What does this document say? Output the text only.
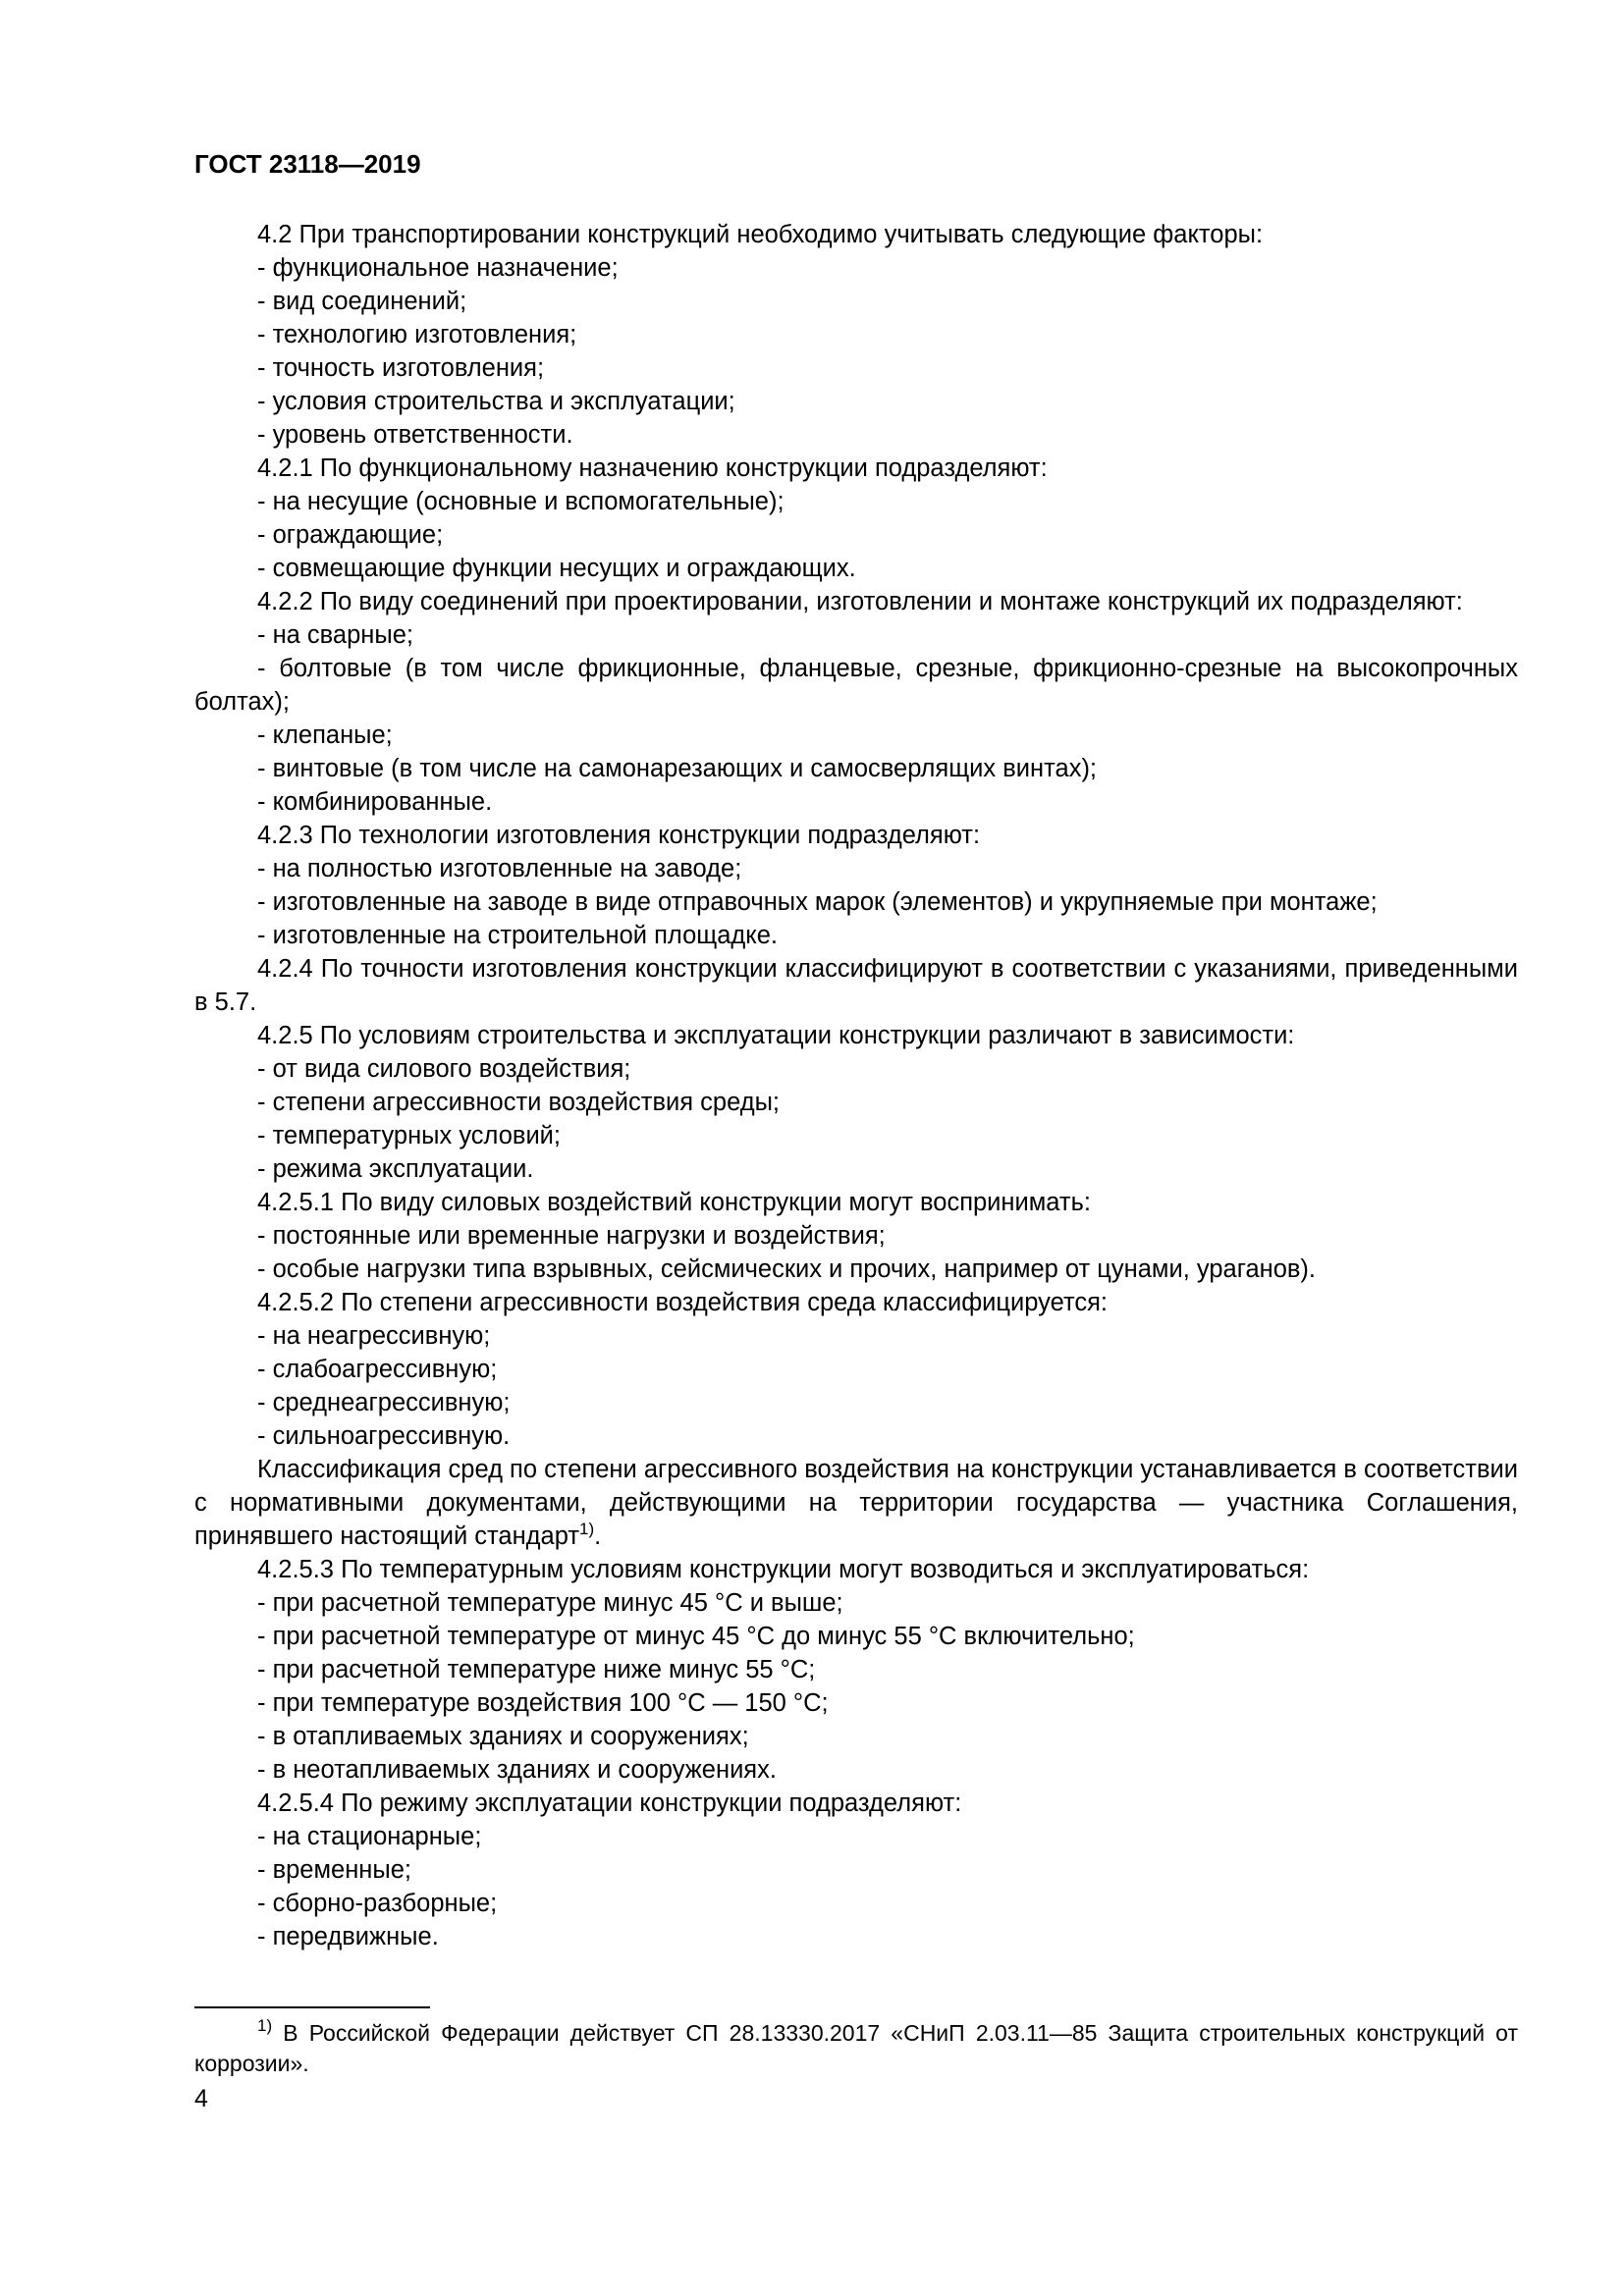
ГОСТ 23118—2019
4.2 При транспортировании конструкций необходимо учитывать следующие факторы:
- функциональное назначение;
- вид соединений;
- технологию изготовления;
- точность изготовления;
- условия строительства и эксплуатации;
- уровень ответственности.
4.2.1 По функциональному назначению конструкции подразделяют:
- на несущие (основные и вспомогательные);
- ограждающие;
- совмещающие функции несущих и ограждающих.
4.2.2 По виду соединений при проектировании, изготовлении и монтаже конструкций их подразделяют:
- на сварные;
- болтовые (в том числе фрикционные, фланцевые, срезные, фрикционно-срезные на высокопрочных болтах);
- клепаные;
- винтовые (в том числе на самонарезающих и самосверлящих винтах);
- комбинированные.
4.2.3 По технологии изготовления конструкции подразделяют:
- на полностью изготовленные на заводе;
- изготовленные на заводе в виде отправочных марок (элементов) и укрупняемые при монтаже;
- изготовленные на строительной площадке.
4.2.4 По точности изготовления конструкции классифицируют в соответствии с указаниями, приведенными в 5.7.
4.2.5 По условиям строительства и эксплуатации конструкции различают в зависимости:
- от вида силового воздействия;
- степени агрессивности воздействия среды;
- температурных условий;
- режима эксплуатации.
4.2.5.1 По виду силовых воздействий конструкции могут воспринимать:
- постоянные или временные нагрузки и воздействия;
- особые нагрузки типа взрывных, сейсмических и прочих, например от цунами, ураганов).
4.2.5.2 По степени агрессивности воздействия среда классифицируется:
- на неагрессивную;
- слабоагрессивную;
- среднеагрессивную;
- сильноагрессивную.
Классификация сред по степени агрессивного воздействия на конструкции устанавливается в соответствии с нормативными документами, действующими на территории государства — участника Соглашения, принявшего настоящий стандарт$^{1)}$.
4.2.5.3 По температурным условиям конструкции могут возводиться и эксплуатироваться:
- при расчетной температуре минус 45 °С и выше;
- при расчетной температуре от минус 45 °С до минус 55 °С включительно;
- при расчетной температуре ниже минус 55 °С;
- при температуре воздействия 100 °С — 150 °С;
- в отапливаемых зданиях и сооружениях;
- в неотапливаемых зданиях и сооружениях.
4.2.5.4 По режиму эксплуатации конструкции подразделяют:
- на стационарные;
- временные;
- сборно-разборные;
- передвижные.
$^{1)}$ В Российской Федерации действует СП 28.13330.2017 «СНиП 2.03.11—85 Защита строительных конструкций от коррозии».
4
